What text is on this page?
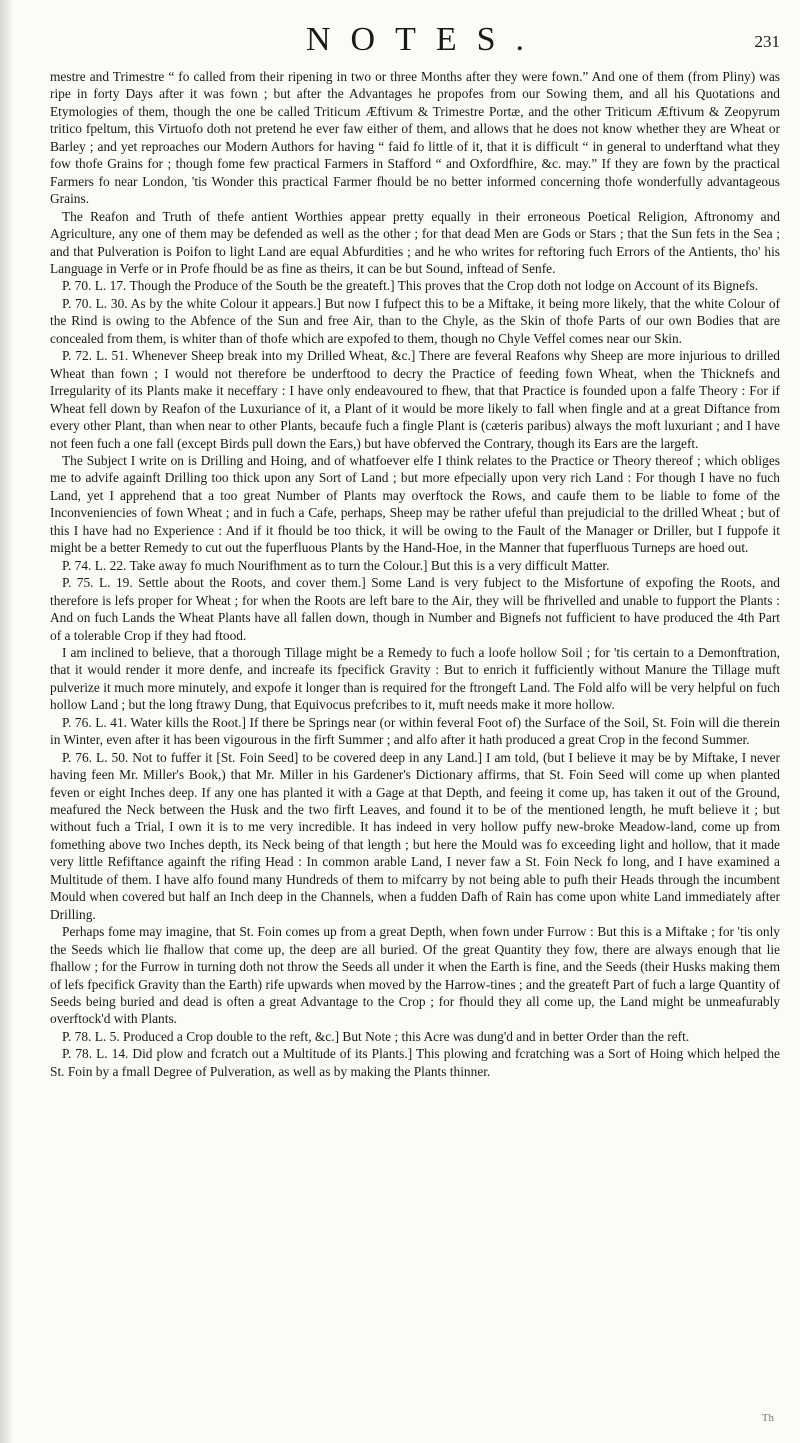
NOTES.	231

mestre and Trimestre “ fo called from their ripening in two or three Months after they were fown.” And one of them (from Pliny) was ripe in forty Days after it was fown ; but after the Advantages he propofes from our Sowing them, and all his Quotations and Etymologies of them, though the one be called Triticum Æftivum & Trimestre Portæ, and the other Triticum Æftivum & Zeopyrum tritico fpeltum, this Virtuofo doth not pretend he ever faw either of them, and allows that he does not know whether they are Wheat or Barley ; and yet reproaches our Modern Authors for having “ faid fo little of it, that it is difficult “ in general to underftand what they fow thofe Grains for ; though fome few practical Farmers in Stafford “ and Oxfordfhire, &c. may.” If they are fown by the practical Farmers fo near London, 'tis Wonder this practical Farmer fhould be no better informed concerning thofe wonderfully advantageous Grains.

The Reafon and Truth of thefe antient Worthies appear pretty equally in their erroneous Poetical Religion, Aftronomy and Agriculture, any one of them may be defended as well as the other ; for that dead Men are Gods or Stars ; that the Sun fets in the Sea ; and that Pulveration is Poifon to light Land are equal Abfurdities ; and he who writes for reftoring fuch Errors of the Antients, tho' his Language in Verfe or in Profe fhould be as fine as theirs, it can be but Sound, inftead of Senfe.

P. 70. L. 17. Though the Produce of the South be the greateft.] This proves that the Crop doth not lodge on Account of its Bignefs.

P. 70. L. 30. As by the white Colour it appears.] But now I fufpect this to be a Miftake, it being more likely, that the white Colour of the Rind is owing to the Abfence of the Sun and free Air, than to the Chyle, as the Skin of thofe Parts of our own Bodies that are concealed from them, is whiter than of thofe which are expofed to them, though no Chyle Veffel comes near our Skin.

P. 72. L. 51. Whenever Sheep break into my Drilled Wheat, &c.] There are feveral Reafons why Sheep are more injurious to drilled Wheat than fown ; I would not therefore be underftood to decry the Practice of feeding fown Wheat, when the Thicknefs and Irregularity of its Plants make it neceffary : I have only endeavoured to fhew, that that Practice is founded upon a falfe Theory : For if Wheat fell down by Reafon of the Luxuriance of it, a Plant of it would be more likely to fall when fingle and at a great Diftance from every other Plant, than when near to other Plants, becaufe fuch a fingle Plant is (cæteris paribus) always the moft luxuriant ; and I have not feen fuch a one fall (except Birds pull down the Ears,) but have obferved the Contrary, though its Ears are the largeft.

The Subject I write on is Drilling and Hoing, and of whatfoever elfe I think relates to the Practice or Theory thereof ; which obliges me to advife againft Drilling too thick upon any Sort of Land ; but more efpecially upon very rich Land : For though I have no fuch Land, yet I apprehend that a too great Number of Plants may overftock the Rows, and caufe them to be liable to fome of the Inconveniencies of fown Wheat ; and in fuch a Cafe, perhaps, Sheep may be rather ufeful than prejudicial to the drilled Wheat ; but of this I have had no Experience : And if it fhould be too thick, it will be owing to the Fault of the Manager or Driller, but I fuppofe it might be a better Remedy to cut out the fuperfluous Plants by the Hand-Hoe, in the Manner that fuperfluous Turneps are hoed out.

P. 74. L. 22. Take away fo much Nourifhment as to turn the Colour.] But this is a very difficult Matter.

P. 75. L. 19. Settle about the Roots, and cover them.] Some Land is very fubject to the Misfortune of expofing the Roots, and therefore is lefs proper for Wheat ; for when the Roots are left bare to the Air, they will be fhrivelled and unable to fupport the Plants : And on fuch Lands the Wheat Plants have all fallen down, though in Number and Bignefs not fufficient to have produced the 4th Part of a tolerable Crop if they had ftood.

I am inclined to believe, that a thorough Tillage might be a Remedy to fuch a loofe hollow Soil ; for 'tis certain to a Demonftration, that it would render it more denfe, and increafe its fpecifick Gravity : But to enrich it fufficiently without Manure the Tillage muft pulverize it much more minutely, and expofe it longer than is required for the ftrongeft Land. The Fold alfo will be very helpful on fuch hollow Land ; but the long ftrawy Dung, that Equivocus prefcribes to it, muft needs make it more hollow.

P. 76. L. 41. Water kills the Root.] If there be Springs near (or within feveral Foot of) the Surface of the Soil, St. Foin will die therein in Winter, even after it has been vigourous in the firft Summer ; and alfo after it hath produced a great Crop in the fecond Summer.

P. 76. L. 50. Not to fuffer it [St. Foin Seed] to be covered deep in any Land.] I am told, (but I believe it may be by Miftake, I never having feen Mr. Miller's Book,) that Mr. Miller in his Gardener's Dictionary affirms, that St. Foin Seed will come up when planted feven or eight Inches deep. If any one has planted it with a Gage at that Depth, and feeing it come up, has taken it out of the Ground, meafured the Neck between the Husk and the two firft Leaves, and found it to be of the mentioned length, he muft believe it ; but without fuch a Trial, I own it is to me very incredible. It has indeed in very hollow puffy new-broke Meadow-land, come up from fomething above two Inches depth, its Neck being of that length ; but here the Mould was fo exceeding light and hollow, that it made very little Refiftance againft the rifing Head : In common arable Land, I never faw a St. Foin Neck fo long, and I have examined a Multitude of them. I have alfo found many Hundreds of them to mifcarry by not being able to pufh their Heads through the incumbent Mould when covered but half an Inch deep in the Channels, when a fudden Dafh of Rain has come upon white Land immediately after Drilling.

Perhaps fome may imagine, that St. Foin comes up from a great Depth, when fown under Furrow : But this is a Miftake ; for 'tis only the Seeds which lie fhallow that come up, the deep are all buried. Of the great Quantity they fow, there are always enough that lie fhallow ; for the Furrow in turning doth not throw the Seeds all under it when the Earth is fine, and the Seeds (their Husks making them of lefs fpecifick Gravity than the Earth) rife upwards when moved by the Harrow-tines ; and the greateft Part of fuch a large Quantity of Seeds being buried and dead is often a great Advantage to the Crop ; for fhould they all come up, the Land might be unmeafurably overftock'd with Plants.

P. 78. L. 5. Produced a Crop double to the reft, &c.] But Note ; this Acre was dung'd and in better Order than the reft.

P. 78. L. 14. Did plow and fcratch out a Multitude of its Plants.] This plowing and fcratching was a Sort of Hoing which helped the St. Foin by a fmall Degree of Pulveration, as well as by making the Plants thinner.

Th
